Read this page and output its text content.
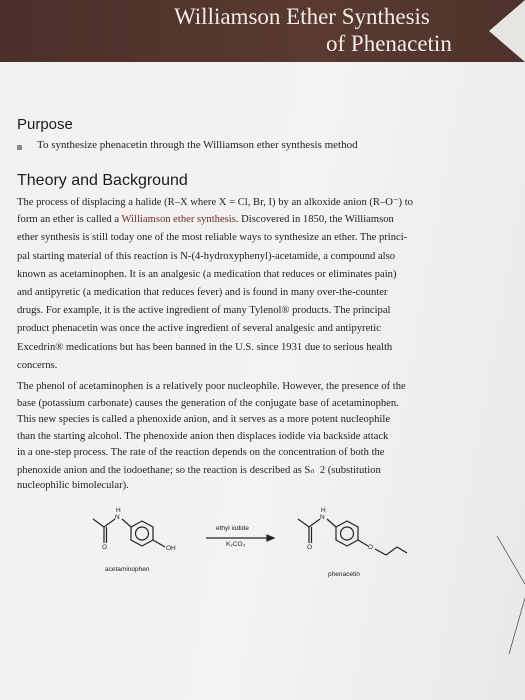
Williamson Ether Synthesis
of Phenacetin
Purpose
To synthesize phenacetin through the Williamson ether synthesis method
Theory and Background
The process of displacing a halide (R–X where X = Cl, Br, I) by an alkoxide anion (R–O⁻) to
form an ether is called a Williamson ether synthesis. Discovered in 1850, the Williamson
ether synthesis is still today one of the most reliable ways to synthesize an ether. The princi-
pal starting material of this reaction is N-(4-hydroxyphenyl)-acetamide, a compound also
known as acetaminophen. It is an analgesic (a medication that reduces or eliminates pain)
and antipyretic (a medication that reduces fever) and is found in many over-the-counter
drugs. For example, it is the active ingredient of many Tylenol® products. The principal
product phenacetin was once the active ingredient of several analgesic and antipyretic
Excedrin® medications but has been banned in the U.S. since 1931 due to serious health
concerns.
The phenol of acetaminophen is a relatively poor nucleophile. However, the presence of the
base (potassium carbonate) causes the generation of the conjugate base of acetaminophen.
This new species is called a phenoxide anion, and it serves as a more potent nucleophile
than the starting alcohol. The phenoxide anion then displaces iodide via backside attack
in a one-step process. The rate of the reaction depends on the concentration of both the
phenoxide anion and the iodoethane; so the reaction is described as Sₙ 2 (substitution
nucleophilic bimolecular).
H
N
O	OH
H
N
O	O
ethyl iodide
K₂CO₃
acetaminophen
phenacetin
